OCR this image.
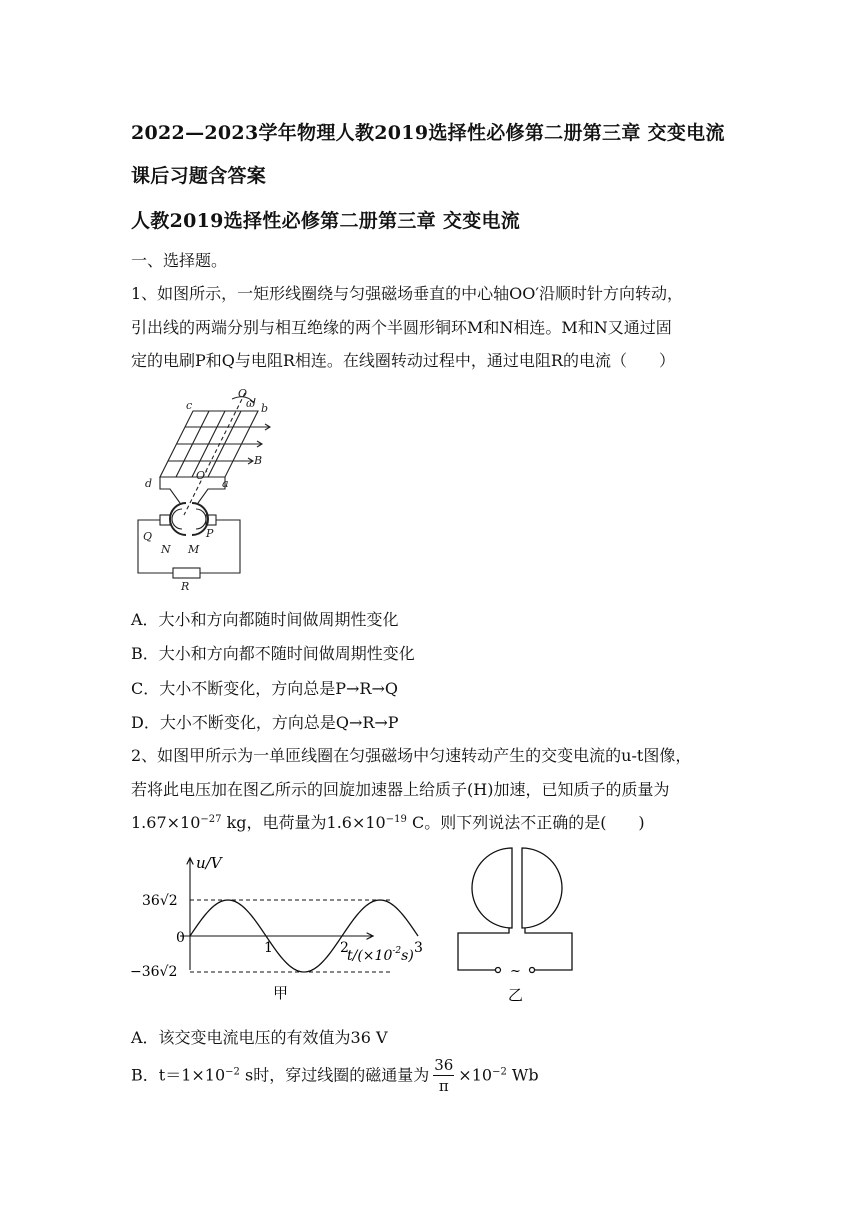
2022—2023学年物理人教2019选择性必修第二册第三章 交变电流
课后习题含答案
人教2019选择性必修第二册第三章 交变电流
一、选择题。
1、如图所示，一矩形线圈绕与匀强磁场垂直的中心轴OO′沿顺时针方向转动，
引出线的两端分别与相互绝缘的两个半圆形铜环M和N相连。M和N又通过固
定的电刷P和Q与电阻R相连。在线圈转动过程中，通过电阻R的电流（　　）
c	b
O
ω
B
O′
d	a
Q	P
N M
R
A．大小和方向都随时间做周期性变化
B．大小和方向都不随时间做周期性变化
C．大小不断变化，方向总是P→R→Q
D．大小不断变化，方向总是Q→R→P
2、如图甲所示为一单匝线圈在匀强磁场中匀速转动产生的交变电流的u-t图像，
若将此电压加在图乙所示的回旋加速器上给质子(H)加速，已知质子的质量为
$1.67\times 10^{-27}$ kg，电荷量为$1.6\times 10^{-19}$ C。则下列说法不正确的是(　　)
u/V
36√2
0
−36√2
$t/(\times 10^{-2}s)$
1	2	3
甲
~
乙
A．该交变电流电压的有效值为36 V
B．$t=1\times 10^{-2}$ s时，穿过线圈的磁通量为 $\frac{36}{\pi} \times 10^{-2}$ Wb
